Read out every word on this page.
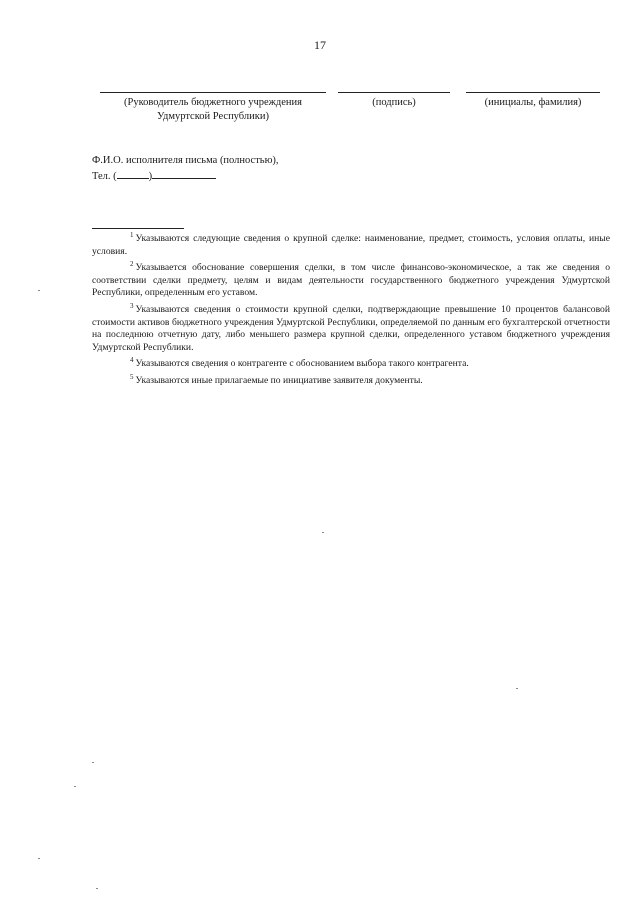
17
(Руководитель бюджетного учреждения
Удмуртской Республики)
(подпись)	(инициалы, фамилия)
Ф.И.О. исполнителя письма (полностью),
Тел. (	)

$^1$ Указываются следующие сведения о крупной сделке: наименование, предмет, стоимость, условия оплаты, иные условия.

$^2$ Указывается обоснование совершения сделки, в том числе финансово-экономическое, а так же сведения о соответствии сделки предмету, целям и видам деятельности государственного бюджетного учреждения Удмуртской Республики, определенным его уставом.

$^3$ Указываются сведения о стоимости крупной сделки, подтверждающие превышение 10 процентов балансовой стоимости активов бюджетного учреждения Удмуртской Республики, определяемой по данным его бухгалтерской отчетности на последнюю отчетную дату, либо меньшего размера крупной сделки, определенного уставом бюджетного учреждения Удмуртской Республики.

$^4$ Указываются сведения о контрагенте с обоснованием выбора такого контрагента.

$^5$ Указываются иные прилагаемые по инициативе заявителя документы.
